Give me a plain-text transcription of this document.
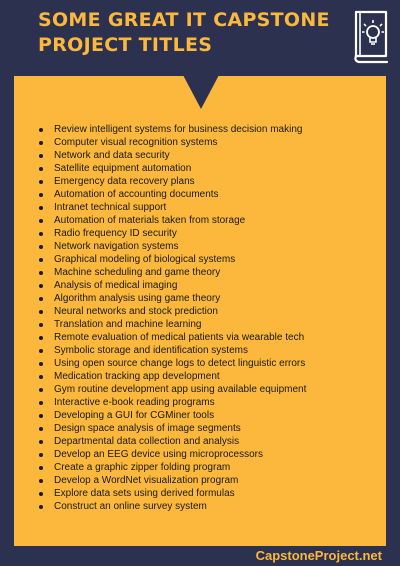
SOME GREAT IT CAPSTONE PROJECT TITLES
Review intelligent systems for business decision making
Computer visual recognition systems
Network and data security
Satellite equipment automation
Emergency data recovery plans
Automation of accounting documents
Intranet technical support
Automation of materials taken from storage
Radio frequency ID security
Network navigation systems
Graphical modeling of biological systems
Machine scheduling and game theory
Analysis of medical imaging
Algorithm analysis using game theory
Neural networks and stock prediction
Translation and machine learning
Remote evaluation of medical patients via wearable tech
Symbolic storage and identification systems
Using open source change logs to detect linguistic errors
Medication tracking app development
Gym routine development app using available equipment
Interactive e-book reading programs
Developing a GUI for CGMiner tools
Design space analysis of image segments
Departmental data collection and analysis
Develop an EEG device using microprocessors
Create a graphic zipper folding program
Develop a WordNet visualization program
Explore data sets using derived formulas
Construct an online survey system
CapstoneProject.net
